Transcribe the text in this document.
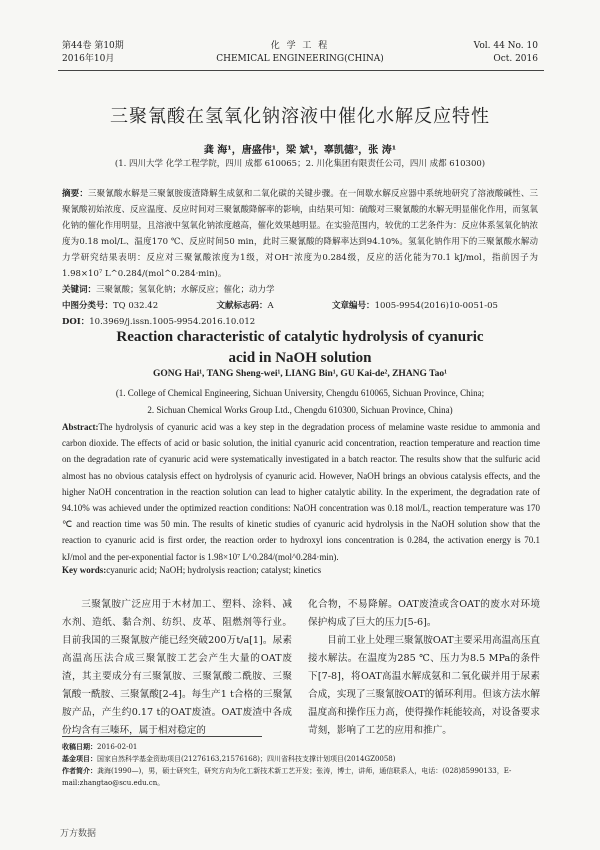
第44卷 第10期
2016年10月
化 学 工 程
CHEMICAL ENGINEERING(CHINA)
Vol. 44 No. 10
Oct. 2016
三聚氰酸在氢氧化钠溶液中催化水解反应特性
龚 海¹，唐盛伟¹，梁 斌¹，辜凯德²，张 涛¹
(1. 四川大学 化学工程学院，四川 成都 610065；2. 川化集团有限责任公司，四川 成都 610300)
摘要：三聚氰酸水解是三聚氰胺废渣降解生成氨和二氧化碳的关键步骤。在一间歇水解反应器中系统地研究了溶液酸碱性、三聚氰酸初始浓度、反应温度、反应时间对三聚氰酸降解率的影响，由结果可知：硫酸对三聚氰酸的水解无明显催化作用，而氢氧化钠的催化作用明显，且溶液中氢氧化钠浓度越高，催化效果越明显。在实验范围内，较优的工艺条件为：反应体系氢氧化钠浓度为0.18 mol/L、温度170 ℃、反应时间50 min，此时三聚氰酸的降解率达到94.10%。氢氧化钠作用下的三聚氰酸水解动力学研究结果表明：反应对三聚氰酸浓度为1级，对OH⁻浓度为0.284级，反应的活化能为70.1 kJ/mol，指前因子为1.98×10⁷ L^0.284/(mol^0.284·min)。
关键词：三聚氰酸；氢氧化钠；水解反应；催化；动力学
中图分类号：TQ 032.42	文献标志码：A	文章编号：1005-9954(2016)10-0051-05
DOI：10.3969/j.issn.1005-9954.2016.10.012
Reaction characteristic of catalytic hydrolysis of cyanuric
acid in NaOH solution
GONG Hai¹, TANG Sheng-wei¹, LIANG Bin¹, GU Kai-de², ZHANG Tao¹
(1. College of Chemical Engineering, Sichuan University, Chengdu 610065, Sichuan Province, China;
2. Sichuan Chemical Works Group Ltd., Chengdu 610300, Sichuan Province, China)
Abstract:The hydrolysis of cyanuric acid was a key step in the degradation process of melamine waste residue to ammonia and carbon dioxide. The effects of acid or basic solution, the initial cyanuric acid concentration, reaction temperature and reaction time on the degradation rate of cyanuric acid were systematically investigated in a batch reactor. The results show that the sulfuric acid almost has no obvious catalysis effect on hydrolysis of cyanuric acid. However, NaOH brings an obvious catalysis effects, and the higher NaOH concentration in the reaction solution can lead to higher catalytic ability. In the experiment, the degradation rate of 94.10% was achieved under the optimized reaction conditions: NaOH concentration was 0.18 mol/L, reaction temperature was 170 ℃ and reaction time was 50 min. The results of kinetic studies of cyanuric acid hydrolysis in the NaOH solution show that the reaction to cyanuric acid is first order, the reaction order to hydroxyl ions concentration is 0.284, the activation energy is 70.1 kJ/mol and the per-exponential factor is 1.98×10⁷ L^0.284/(mol^0.284·min).
Key words:cyanuric acid; NaOH; hydrolysis reaction; catalyst; kinetics

三聚氰胺广泛应用于木材加工、塑料、涂料、减水剂、造纸、黏合剂、纺织、皮革、阻燃剂等行业。目前我国的三聚氰胺产能已经突破200万t/a[1]。尿素高温高压法合成三聚氰胺工艺会产生大量的OAT废渣，其主要成分有三聚氰胺、三聚氰酸二酰胺、三聚氰酸一酰胺、三聚氰酸[2-4]。每生产1 t合格的三聚氰胺产品，产生约0.17 t的OAT废渣。OAT废渣中各成份均含有三嗪环，属于相对稳定的

化合物，不易降解。OAT废渣或含OAT的废水对环境保护构成了巨大的压力[5-6]。

目前工业上处理三聚氰胺OAT主要采用高温高压直接水解法。在温度为285 ℃、压力为8.5 MPa的条件下[7-8]，将OAT高温水解成氨和二氧化碳并用于尿素合成，实现了三聚氰胺OAT的循环利用。但该方法水解温度高和操作压力高，使得操作耗能较高，对设备要求苛刻，影响了工艺的应用和推广。

收稿日期：2016-02-01
基金项目：国家自然科学基金资助项目(21276163,21576168)；四川省科技支撑计划项目(2014GZ0058)
作者简介：龚海(1990—)，男，硕士研究生，研究方向为化工新技术新工艺开发；张涛，博士，讲师，通信联系人，电话：(028)85990133，E-mail:zhangtao@scu.edu.cn。
万方数据
